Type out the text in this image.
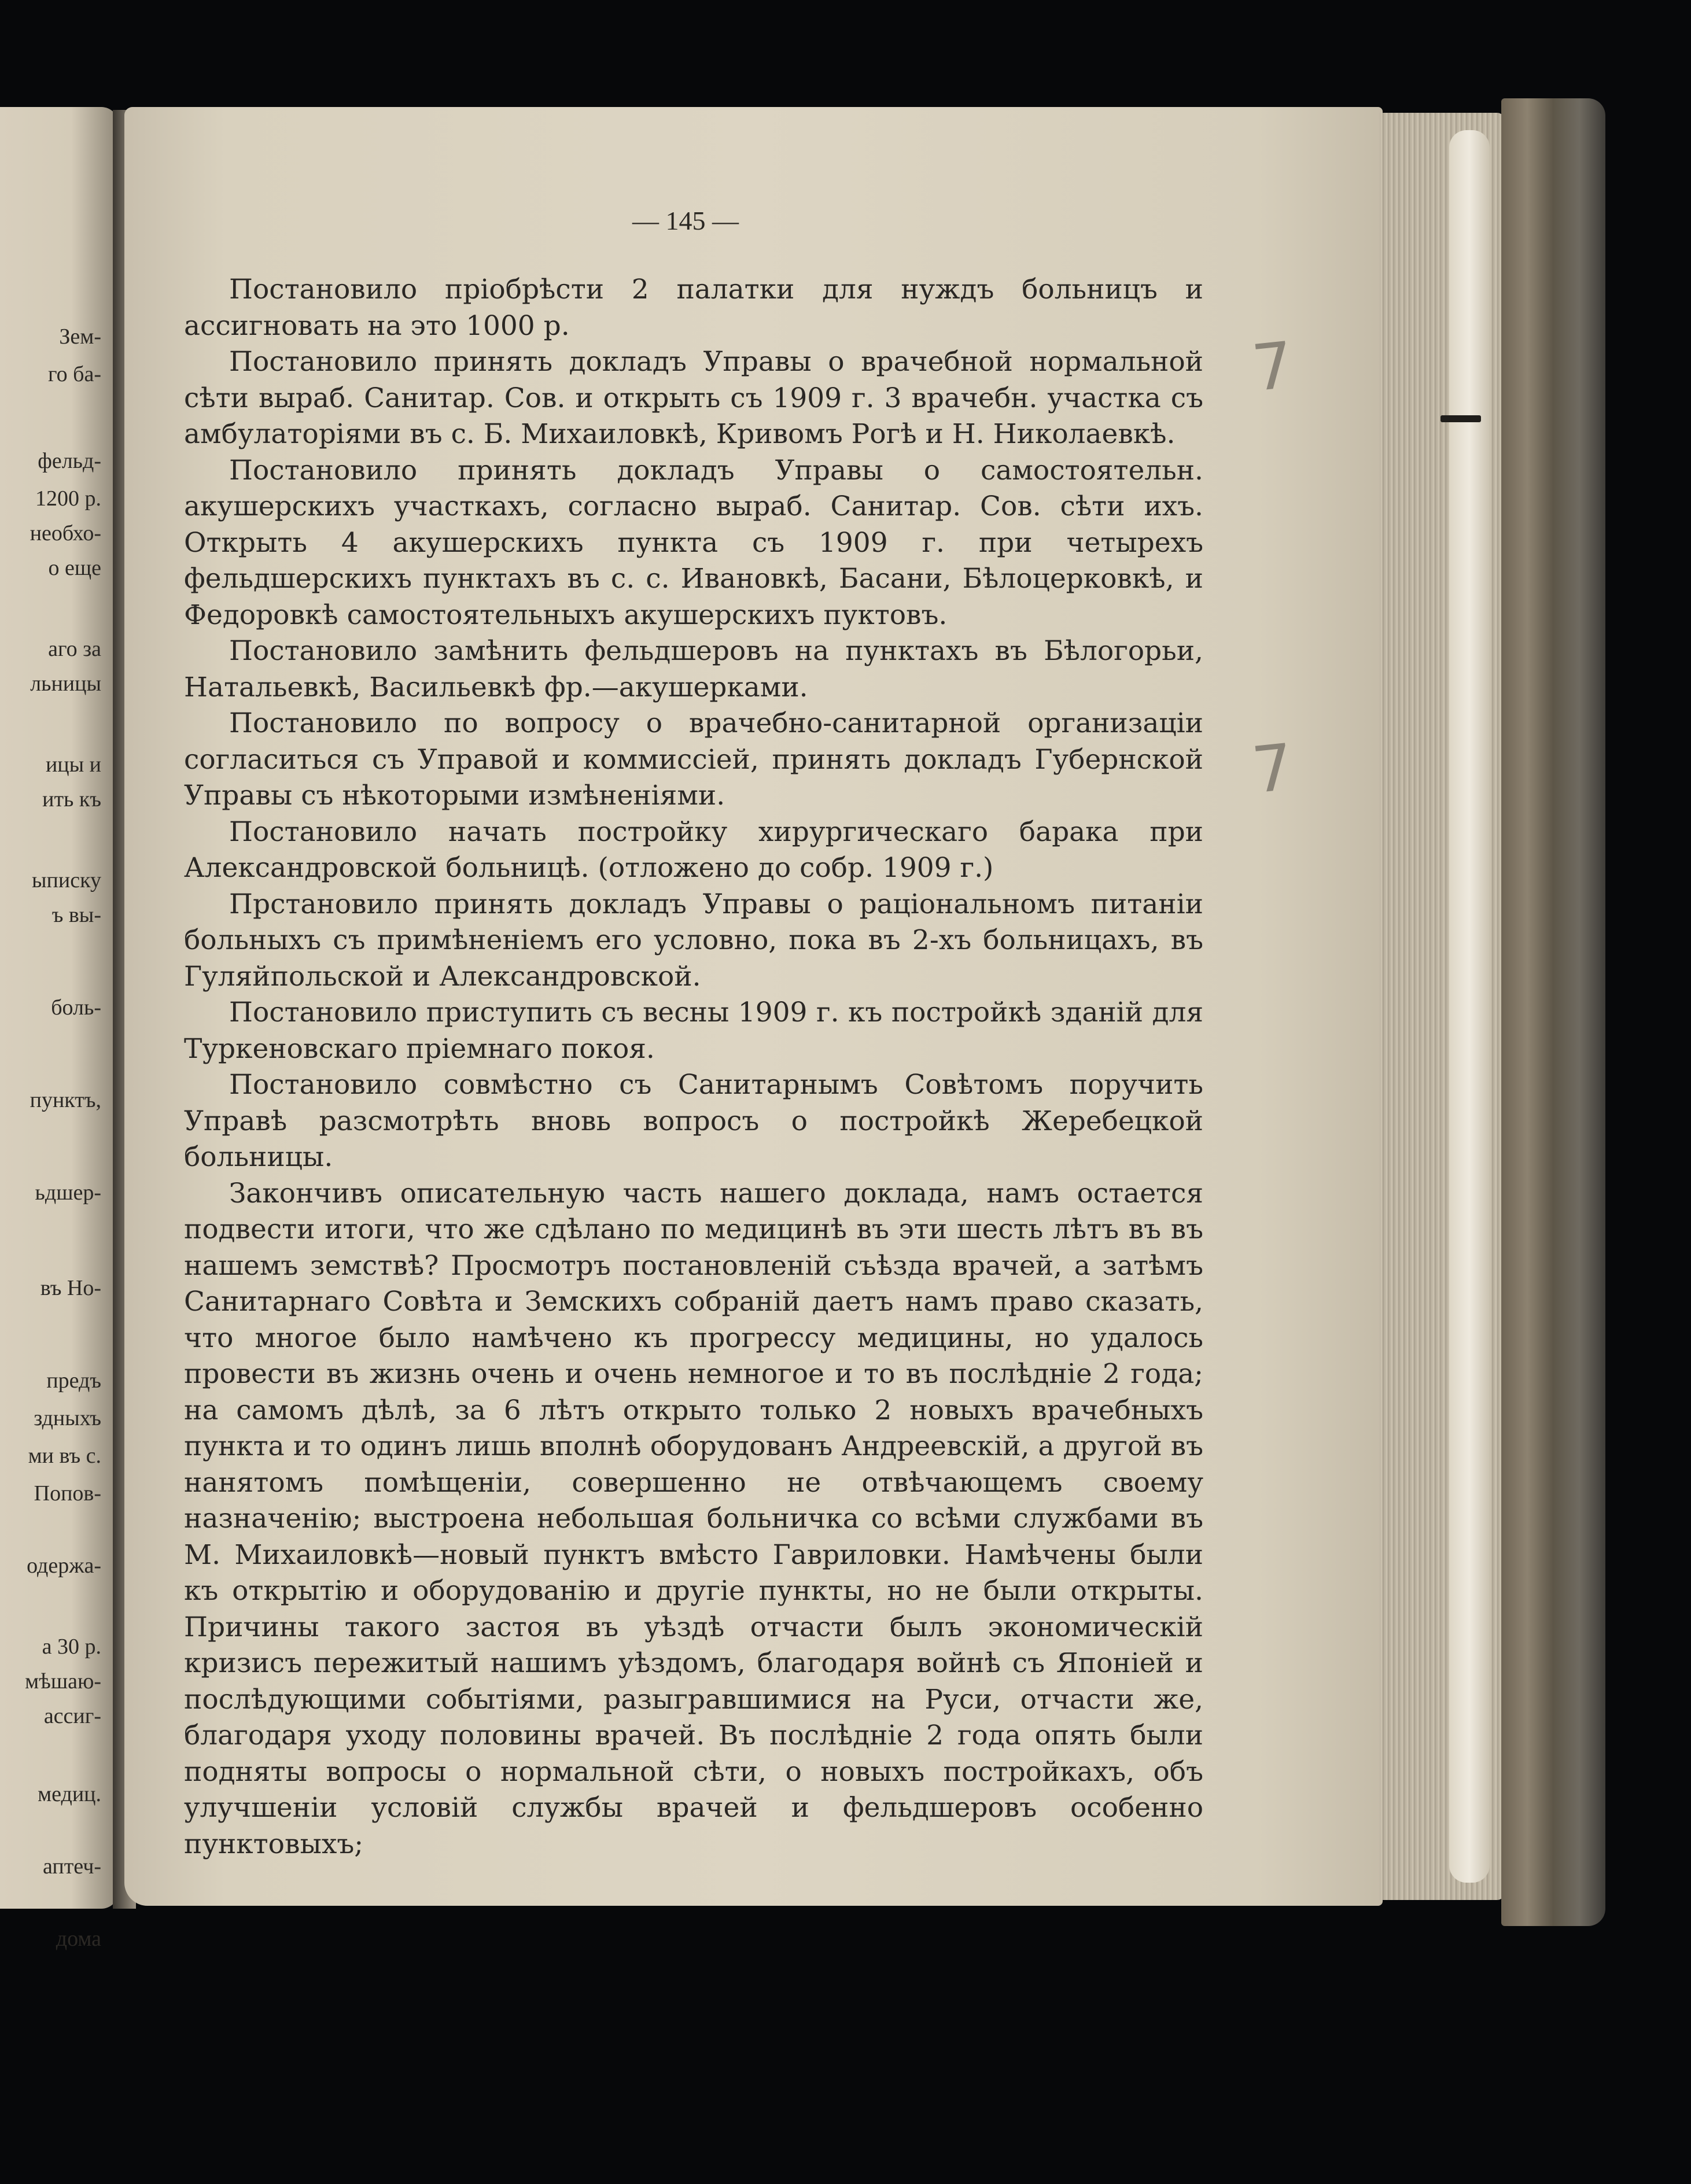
Зем-
го ба-
фельд-
1200 р.
необхо-
о еще
аго за
льницы
ицы и
ить къ
ыписку
ъ вы-
боль-
пунктъ,
ьдшер-
въ Но-
предъ
здныхъ
ми въ с.
Попов-
одержа-
а 30 р.
мѣшаю-
ассиг-
медиц.
аптеч-
дома
— 145 —

Постановило пріобрѣсти 2 палатки для нуждъ больницъ и ассигновать на это 1000 р.

Постановило принять докладъ Управы о врачебной нормальной сѣти выраб. Санитар. Сов. и открыть съ 1909 г. 3 врачебн. участка съ амбулаторіями въ с. Б. Михаиловкѣ, Кривомъ Рогѣ и Н. Николаевкѣ.

Постановило принять докладъ Управы о самостоятельн. акушерскихъ участкахъ, согласно выраб. Санитар. Сов. сѣти ихъ. Открыть 4 акушерскихъ пункта съ 1909 г. при четырехъ фельдшерскихъ пунктахъ въ с. с. Ивановкѣ, Басани, Бѣлоцерковкѣ, и Федоровкѣ самостоятельныхъ акушерскихъ пуктовъ.

Постановило замѣнить фельдшеровъ на пунктахъ въ Бѣлогорьи, Натальевкѣ, Васильевкѣ фр.—акушерками.

Постановило по вопросу о врачебно-санитарной организаціи согласиться съ Управой и коммиссіей, принять докладъ Губернской Управы съ нѣкоторыми измѣненіями.

Постановило начать постройку хирургическаго барака при Александровской больницѣ. (отложено до собр. 1909 г.)

Прстановило принять докладъ Управы о раціональномъ питаніи больныхъ съ примѣненіемъ его условно, пока въ 2-хъ больницахъ, въ Гуляйпольской и Александровской.

Постановило приступить съ весны 1909 г. къ постройкѣ зданій для Туркеновскаго пріемнаго покоя.

Постановило совмѣстно съ Санитарнымъ Совѣтомъ поручить Управѣ разсмотрѣть вновь вопросъ о постройкѣ Жеребецкой больницы.

Закончивъ описательную часть нашего доклада, намъ остается подвести итоги, что же сдѣлано по медицинѣ въ эти шесть лѣтъ въ въ нашемъ земствѣ? Просмотръ постановленій съѣзда врачей, а затѣмъ Санитарнаго Совѣта и Земскихъ собраній даетъ намъ право сказать, что многое было намѣчено къ прогрессу медицины, но удалось провести въ жизнь очень и очень немногое и то въ послѣдніе 2 года; на самомъ дѣлѣ, за 6 лѣтъ открыто только 2 новыхъ врачебныхъ пункта и то одинъ лишь вполнѣ оборудованъ Андреевскій, а другой въ нанятомъ помѣщеніи, совершенно не отвѣчающемъ своему назначенію; выстроена небольшая больничка со всѣми службами въ М. Михаиловкѣ—новый пунктъ вмѣсто Гавриловки. Намѣчены были къ открытію и оборудованію и другіе пункты, но не были открыты. Причины такого застоя въ уѣздѣ отчасти былъ экономическій кризисъ пережитый нашимъ уѣздомъ, благодаря войнѣ съ Японіей и послѣдующими событіями, разыгравшимися на Руси, отчасти же, благодаря уходу половины врачей. Въ послѣдніе 2 года опять были подняты вопросы о нормальной сѣти, о новыхъ постройкахъ, объ улучшеніи условій службы врачей и фельдшеровъ особенно пунктовыхъ;

7
7
